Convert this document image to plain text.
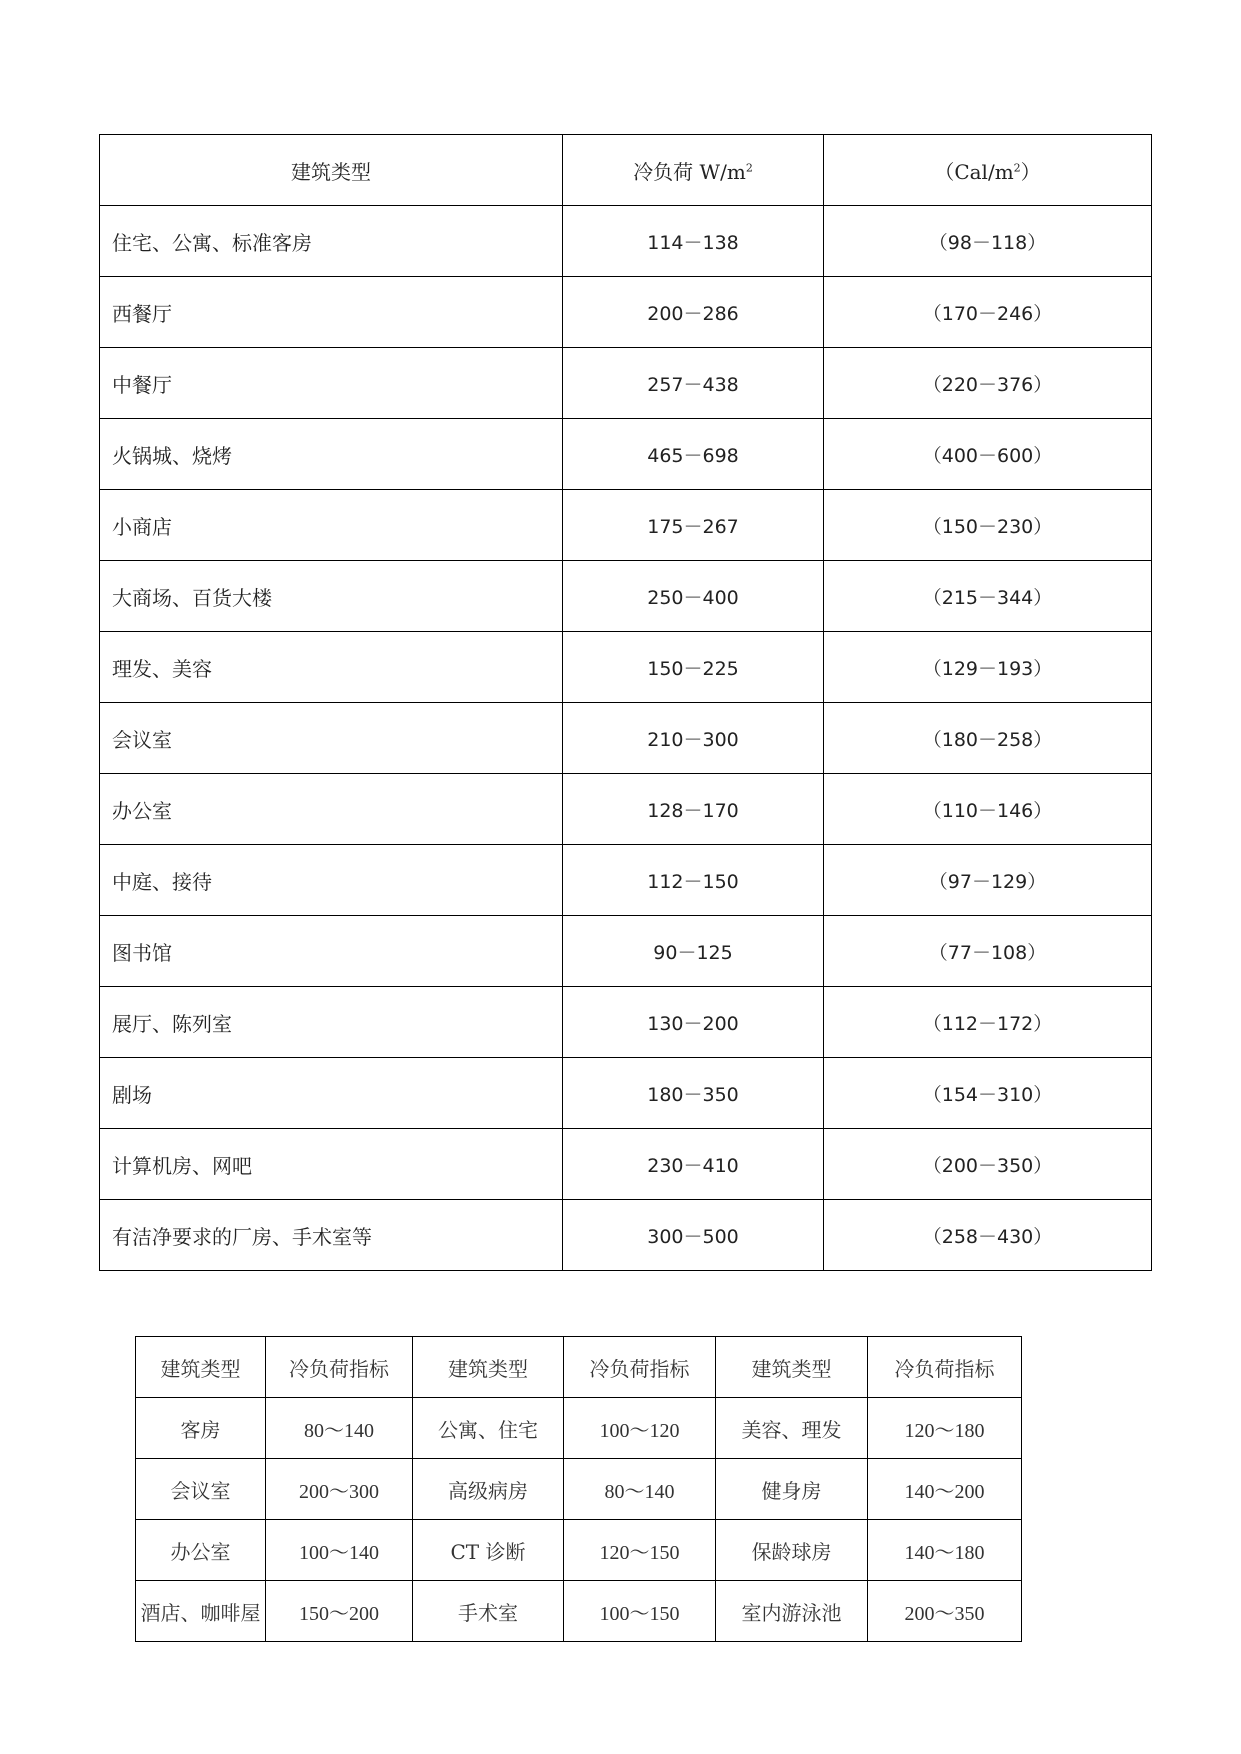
建筑类型	冷负荷 $W/m^2$	$(Cal/m^2)$
住宅、公寓、标准客房	114－138	（98－118）
西餐厅	200－286	（170－246）
中餐厅	257－438	（220－376）
火锅城、烧烤	465－698	（400－600）
小商店	175－267	（150－230）
大商场、百货大楼	250－400	（215－344）
理发、美容	150－225	（129－193）
会议室	210－300	（180－258）
办公室	128－170	（110－146）
中庭、接待	112－150	（97－129）
图书馆	90－125	（77－108）
展厅、陈列室	130－200	（112－172）
剧场	180－350	（154－310）
计算机房、网吧	230－410	（200－350）
有洁净要求的厂房、手术室等	300－500	（258－430）
建筑类型	冷负荷指标	建筑类型	冷负荷指标	建筑类型	冷负荷指标
客房	80～140	公寓、住宅	100～120	美容、理发	120～180
会议室	200～300	高级病房	80～140	健身房	140～200
办公室	100～140	CT 诊断	120～150	保龄球房	140～180
酒店、咖啡屋	150～200	手术室	100～150	室内游泳池	200～350
